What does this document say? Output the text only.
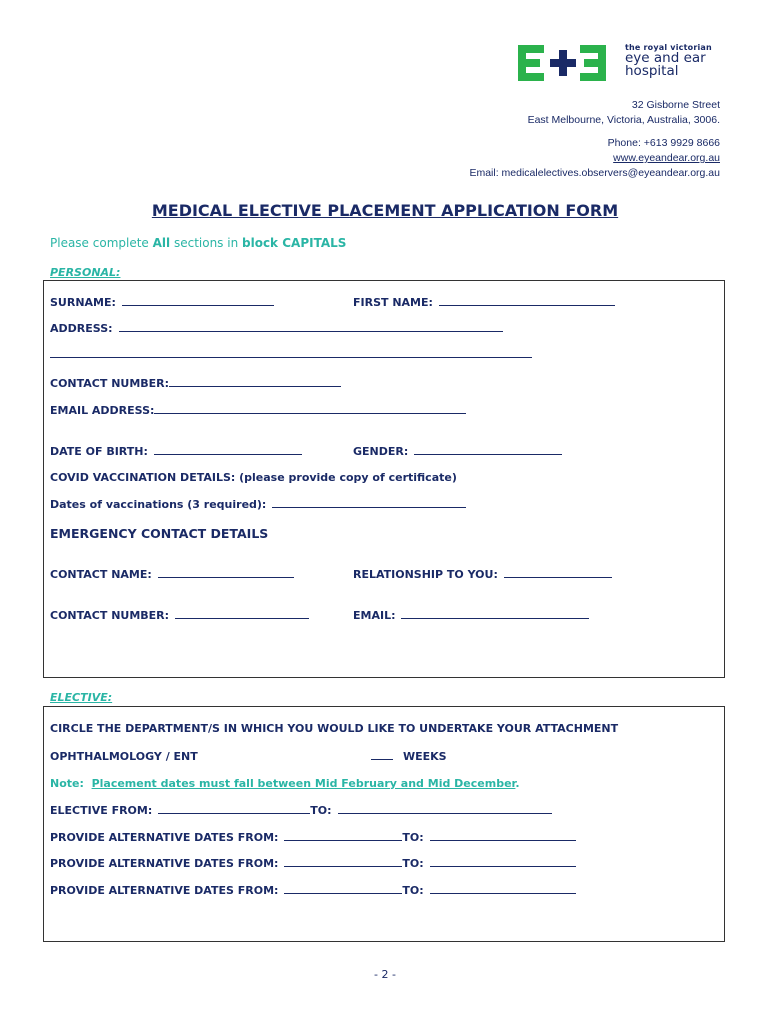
the royal victorian
eye and ear
hospital
32 Gisborne Street
East Melbourne, Victoria, Australia, 3006.
Phone: +613 9929 8666
www.eyeandear.org.au
Email: medicalelectives.observers@eyeandear.org.au
MEDICAL ELECTIVE PLACEMENT APPLICATION FORM
Please complete All sections in block CAPITALS
PERSONAL:
SURNAME:	FIRST NAME:
ADDRESS:
CONTACT NUMBER:
EMAIL ADDRESS:
DATE OF BIRTH:	GENDER:
COVID VACCINATION DETAILS: (please provide copy of certificate)
Dates of vaccinations (3 required):
EMERGENCY CONTACT DETAILS
CONTACT NAME:	RELATIONSHIP TO YOU:
CONTACT NUMBER:	EMAIL:
ELECTIVE:
CIRCLE THE DEPARTMENT/S IN WHICH YOU WOULD LIKE TO UNDERTAKE YOUR ATTACHMENT
OPHTHALMOLOGY / ENT	WEEKS
Note: Placement dates must fall between Mid February and Mid December.
ELECTIVE FROM:	TO:
PROVIDE ALTERNATIVE DATES FROM:	TO:
PROVIDE ALTERNATIVE DATES FROM:	TO:
PROVIDE ALTERNATIVE DATES FROM:	TO:
- 2 -
